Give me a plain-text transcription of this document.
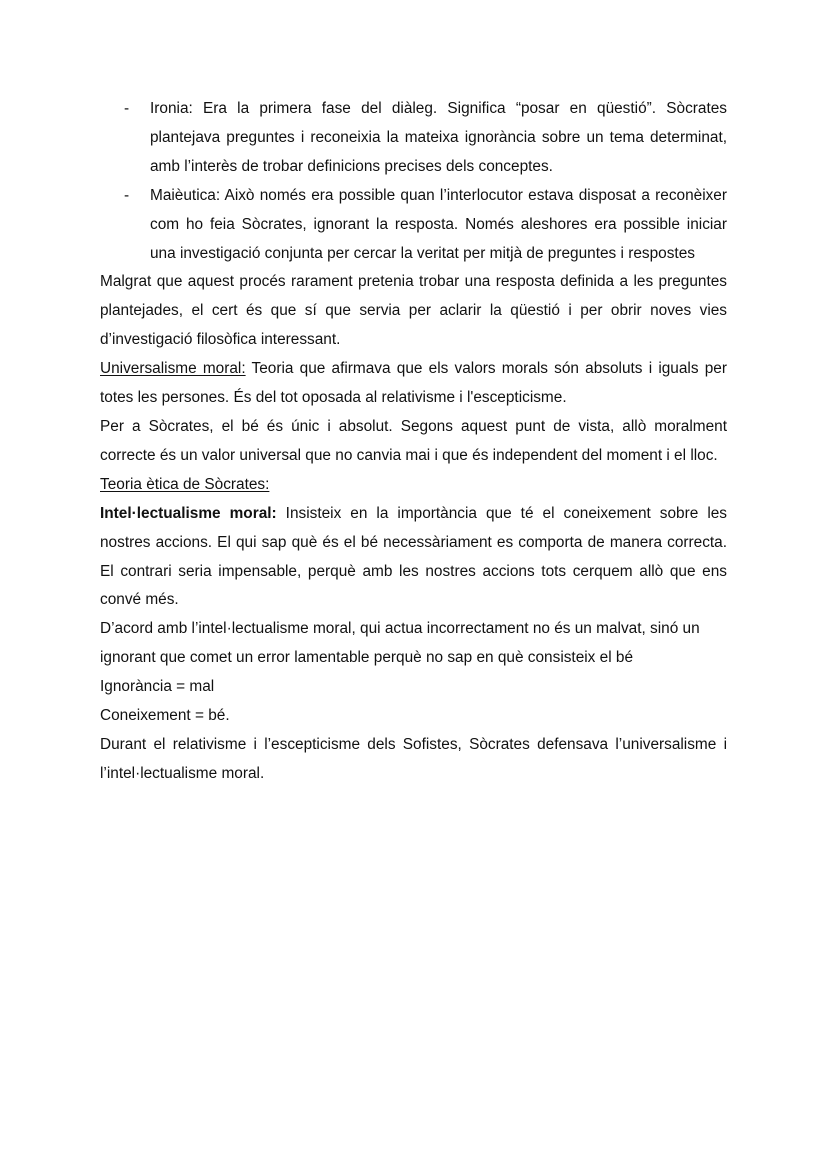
- Ironia: Era la primera fase del diàleg. Significa “posar en qüestió”. Sòcrates plantejava preguntes i reconeixia la mateixa ignorància sobre un tema determinat, amb l’interès de trobar definicions precises dels conceptes.
- Maièutica: Això només era possible quan l’interlocutor estava disposat a reconèixer com ho feia Sòcrates, ignorant la resposta. Només aleshores era possible iniciar una investigació conjunta per cercar la veritat per mitjà de preguntes i respostes

Malgrat que aquest procés rarament pretenia trobar una resposta definida a les preguntes plantejades, el cert és que sí que servia per aclarir la qüestió i per obrir noves vies d’investigació filosòfica interessant.

Universalisme moral: Teoria que afirmava que els valors morals són absoluts i iguals per totes les persones. És del tot oposada al relativisme i l'escepticisme.

Per a Sòcrates, el bé és únic i absolut. Segons aquest punt de vista, allò moralment correcte és un valor universal que no canvia mai i que és independent del moment i el lloc.

Teoria ètica de Sòcrates:

Intel·lectualisme moral: Insisteix en la importància que té el coneixement sobre les nostres accions. El qui sap què és el bé necessàriament es comporta de manera correcta. El contrari seria impensable, perquè amb les nostres accions tots cerquem allò que ens convé més.

D’acord amb l’intel·lectualisme moral, qui actua incorrectament no és un malvat, sinó un ignorant que comet un error lamentable perquè no sap en què consisteix el bé

Ignorància = mal

Coneixement = bé.

Durant el relativisme i l’escepticisme dels Sofistes, Sòcrates defensava l’universalisme i l’intel·lectualisme moral.
